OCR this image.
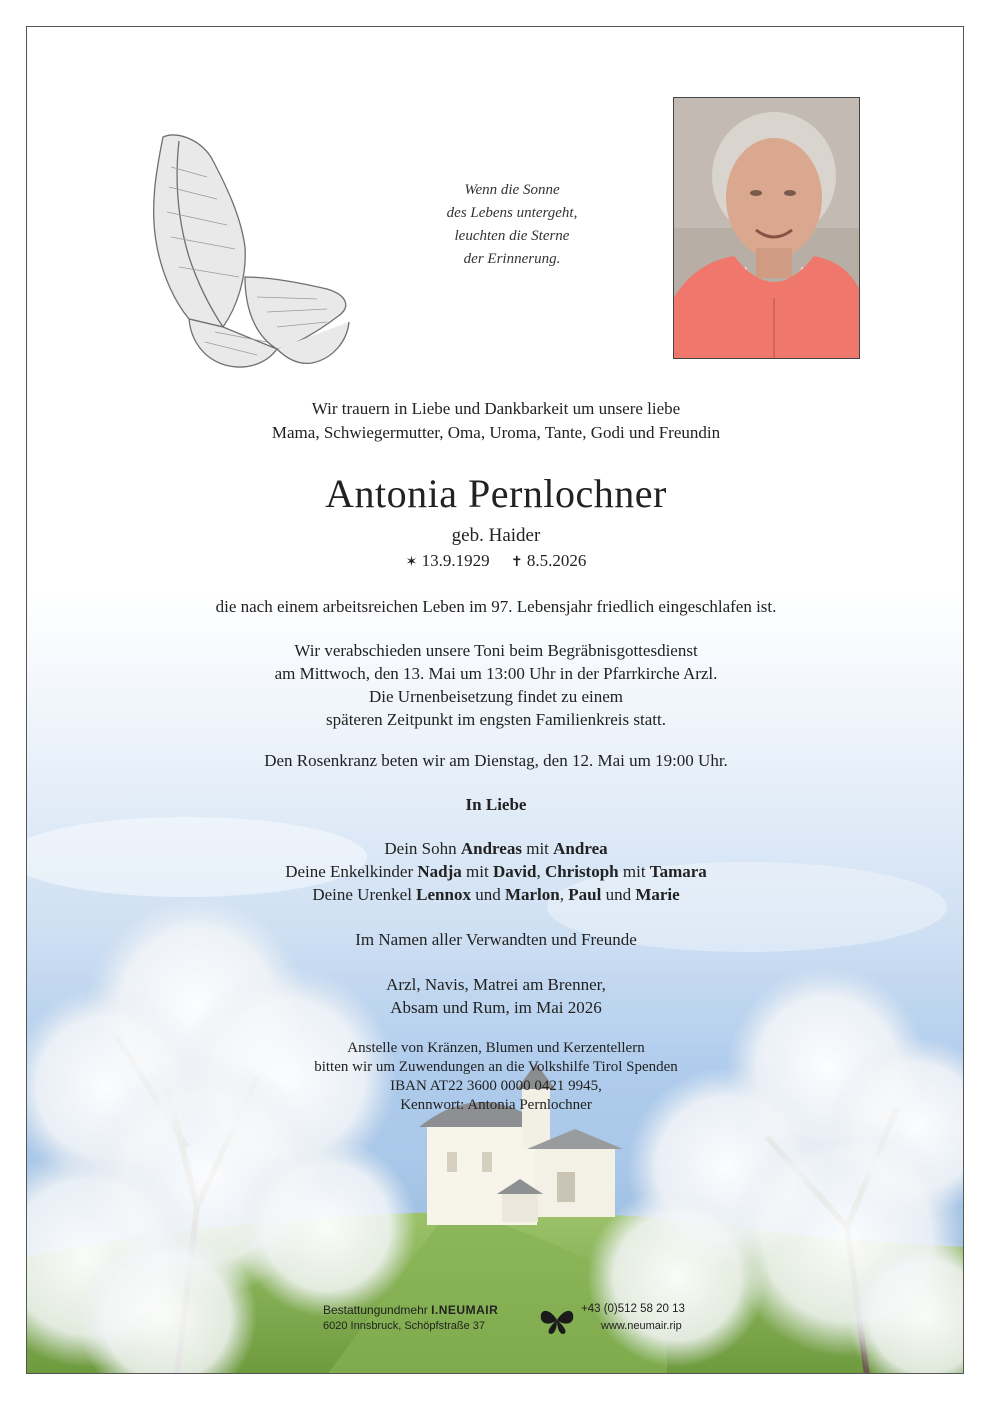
Wenn die Sonne
des Lebens untergeht,
leuchten die Sterne
der Erinnerung.
Wir trauern in Liebe und Dankbarkeit um unsere liebe
Mama, Schwiegermutter, Oma, Uroma, Tante, Godi und Freundin
Antonia Pernlochner
geb. Haider
✶ 13.9.1929 ✝ 8.5.2026
die nach einem arbeitsreichen Leben im 97. Lebensjahr friedlich eingeschlafen ist.
Wir verabschieden unsere Toni beim Begräbnisgottesdienst
am Mittwoch, den 13. Mai um 13:00 Uhr in der Pfarrkirche Arzl.
Die Urnenbeisetzung findet zu einem
späteren Zeitpunkt im engsten Familienkreis statt.
Den Rosenkranz beten wir am Dienstag, den 12. Mai um 19:00 Uhr.
In Liebe
Dein Sohn Andreas mit Andrea
Deine Enkelkinder Nadja mit David, Christoph mit Tamara
Deine Urenkel Lennox und Marlon, Paul und Marie
Im Namen aller Verwandten und Freunde
Arzl, Navis, Matrei am Brenner,
Absam und Rum, im Mai 2026
Anstelle von Kränzen, Blumen und Kerzentellern
bitten wir um Zuwendungen an die Volkshilfe Tirol Spenden
IBAN AT22 3600 0000 0421 9945,
Kennwort: Antonia Pernlochner
Bestattungundmehr I.NEUMAIR
6020 Innsbruck, Schöpfstraße 37
+43 (0)512 58 20 13
www.neumair.rip
